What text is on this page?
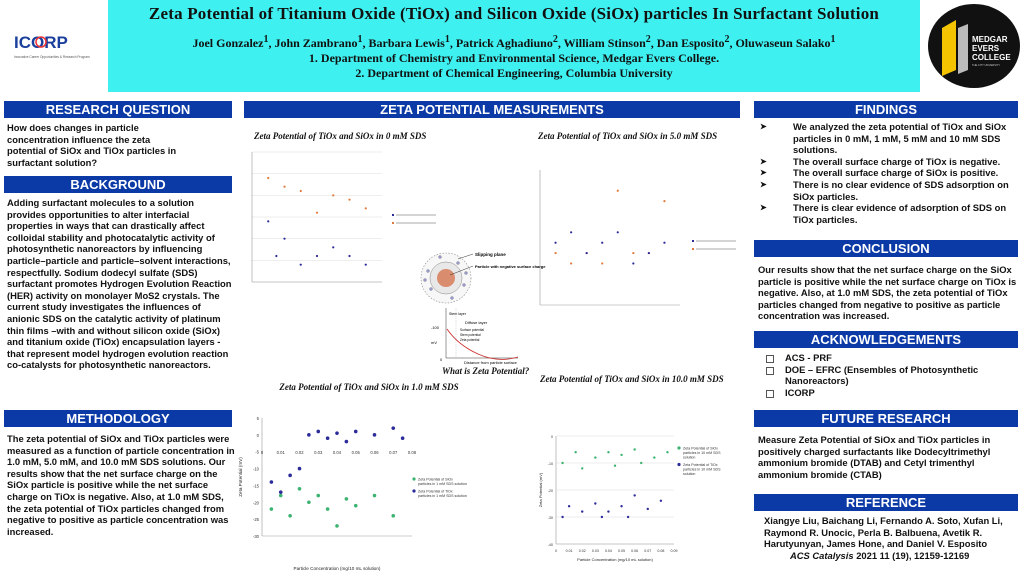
Zeta Potential of Titanium Oxide (TiOx) and Silicon Oxide (SiOx) particles In Surfactant Solution
Joel Gonzalez$^1$, John Zambrano$^1$, Barbara Lewis$^1$, Patrick Aghadiuno$^2$, William Stinson$^2$, Dan Esposito$^2$, Oluwaseun Salako$^1$
1. Department of Chemistry and Environmental Science, Medgar Evers College.
2. Department of Chemical Engineering, Columbia University
ICORP
Innovative Career Opportunities & Research Program
MEDGAR
EVERS
COLLEGE
THE CITY UNIVERSITY
RESEARCH QUESTION
How does changes in particle concentration influence the zeta potential of SiOx and TiOx particles in surfactant solution?
BACKGROUND
Adding surfactant molecules to a solution provides opportunities to alter interfacial properties in ways that can drastically affect colloidal stability and photocatalytic activity of photosynthetic nanoreactors by influencing particle–particle and particle–solvent interactions, respectfully. Sodium dodecyl sulfate (SDS) surfactant promotes Hydrogen Evolution Reaction (HER) activity on monolayer MoS2 crystals. The current study investigates the influences of anionic SDS on the catalytic activity of platinum thin films –with and without silicon oxide (SiOx) and titanium oxide (TiOx) encapsulation layers - that represent model hydrogen evolution reaction co-catalysts for photosynthetic nanoreactors.
METHODOLOGY
The zeta potential of SiOx and TiOx particles were measured as a function of particle concentration in 1.0 mM, 5.0 mM, and 10.0 mM SDS solutions. Our results show that the net surface charge on the SiOx particle is positive while the net surface charge on TiOx is negative. Also, at 1.0 mM SDS, the zeta potential of TiOx particles changed from negative to positive as particle concentration was increased.
ZETA POTENTIAL MEASUREMENTS
Zeta Potential of TiOx and SiOx in 0 mM SDS	Zeta Potential of TiOx and SiOx in 5.0 mM SDS
Slipping plane
Particle with negative surface charge
Diffuse layer
Stern layer
Surface potential
Stern potential
Zeta potential
-100
mV
0
Distance from particle surface
What is Zeta Potential?
Zeta Potential of TiOx and SiOx in 1.0 mM SDS
0	0.01	0.02	0.03	0.04	0.05	0.06	0.07	0.08
5
0
-5
-10
-15
-20
-25
-30
Particle Concentration (mg/10 mL solution)
Zeta Potential (mV)	Zeta Potential of SiOx
particles in 1 mM SDS solution
Zeta Potential of TiOx
particles in 1 mM SDS solution
Zeta Potential of TiOx and SiOx in 10.0 mM SDS
0 0.01 0.02 0.03 0.04 0.05 0.06 0.07 0.08 0.09
0
-10
-20
-30
-40
Particle Concentration (mg/10 mL solution)
Zeta Potential (mV)
Zeta Potential of SiOx
particles in 10 mM SDS
solution
Zeta Potential of TiOx
particles in 10 mM SDS
solution
FINDINGS
➤ We analyzed the zeta potential of TiOx and SiOx particles in 0 mM, 1 mM, 5 mM and 10 mM SDS solutions.
➤ The overall surface charge of TiOx is negative.
➤ The overall surface charge of SiOx is positive.
➤ There is no clear evidence of SDS adsorption on SiOx particles.
➤ There is clear evidence of adsorption of SDS on TiOx particles.
CONCLUSION
Our results show that the net surface charge on the SiOx particle is positive while the net surface charge on TiOx is negative. Also, at 1.0 mM SDS, the zeta potential of TiOx particles changed from negative to positive as particle concentration was increased.
ACKNOWLEDGEMENTS
ACS - PRF
DOE – EFRC (Ensembles of Photosynthetic Nanoreactors)
ICORP
FUTURE RESEARCH
Measure Zeta Potential of SiOx and TiOx particles in positively charged surfactants like Dodecyltrimethyl ammonium bromide (DTAB) and Cetyl trimenthyl ammonium bromide (CTAB)
REFERENCE
Xiangye Liu, Baichang Li, Fernando A. Soto, Xufan Li, Raymond R. Unocic, Perla B. Balbuena, Avetik R. Harutyunyan, James Hone, and Daniel V. Esposito
ACS Catalysis 2021 11 (19), 12159-12169
